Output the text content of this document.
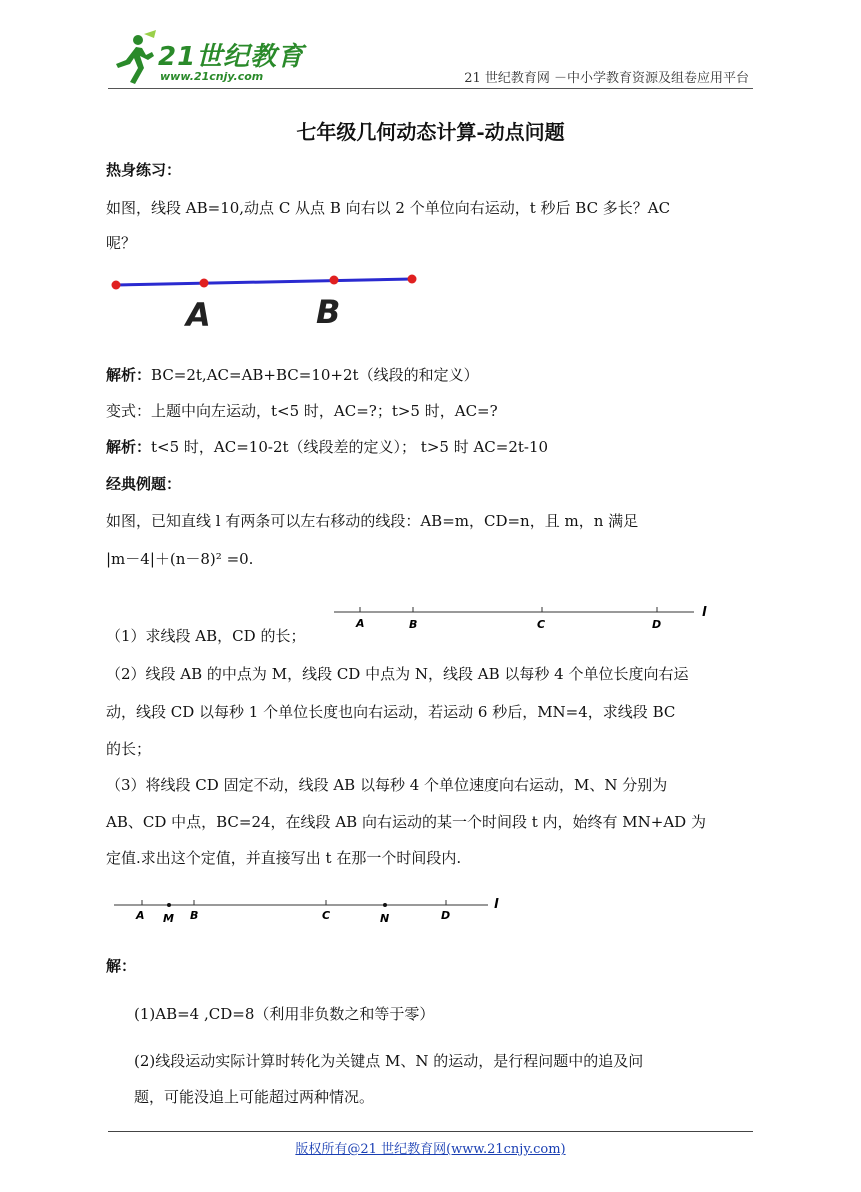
21世纪教育
www.21cnjy.com	21 世纪教育网 －中小学教育资源及组卷应用平台
七年级几何动态计算-动点问题
热身练习：
如图，线段 AB=10,动点 C 从点 B 向右以 2 个单位向右运动，t 秒后 BC 多长？AC
呢？
A	B
解析：BC=2t,AC=AB+BC=10+2t（线段的和定义）
变式：上题中向左运动，t<5 时，AC=?；t>5 时，AC=?
解析：t<5 时，AC=10-2t（线段差的定义）； t>5 时 AC=2t-10
经典例题：
如图，已知直线 l 有两条可以左右移动的线段：AB=m，CD=n，且 m，n 满足
|m－4|＋(n－8)² =0.
（1）求线段 AB，CD 的长；
A	B	C	D
l
（2）线段 AB 的中点为 M，线段 CD 中点为 N，线段 AB 以每秒 4 个单位长度向右运
动，线段 CD 以每秒 1 个单位长度也向右运动，若运动 6 秒后，MN=4，求线段 BC
的长；
（3）将线段 CD 固定不动，线段 AB 以每秒 4 个单位速度向右运动，M、N 分别为
AB、CD 中点，BC=24，在线段 AB 向右运动的某一个时间段 t 内，始终有 MN+AD 为
定值.求出这个定值，并直接写出 t 在那一个时间段内.
A M B	C	N	D
l
解：
(1)AB=4 ,CD=8（利用非负数之和等于零）
(2)线段运动实际计算时转化为关键点 M、N 的运动，是行程问题中的追及问
题，可能没追上可能超过两种情况。
版权所有@21 世纪教育网(www.21cnjy.com)
